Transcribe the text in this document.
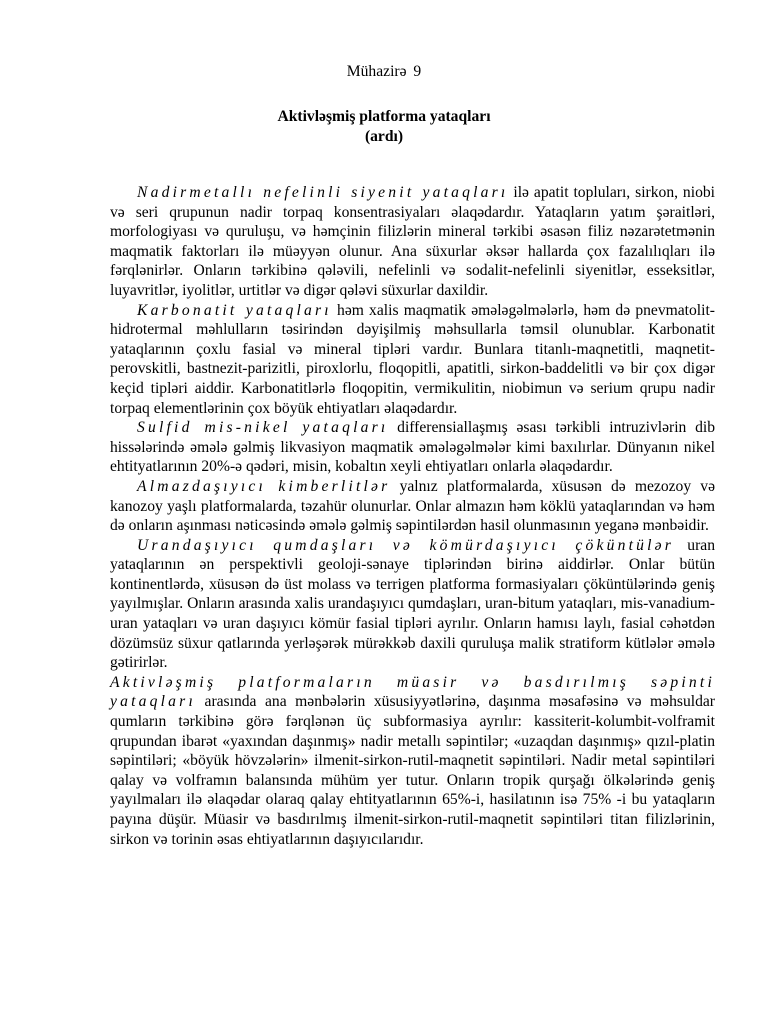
Mühazirə 9
Aktivləşmiş platforma yataqları
(ardı)

Nadirmetallı nefelinli siyenit yataqları ilə apatit topluları, sirkon, niobi və seri qrupunun nadir torpaq konsentrasiyaları əlaqədardır. Yataqların yatım şəraitləri, morfologiyası və quruluşu, və həmçinin filizlərin mineral tərkibi əsasən filiz nəzarətetmənin maqmatik faktorları ilə müəyyən olunur. Ana süxurlar əksər hallarda çox fazalılıqları ilə fərqlənirlər. Onların tərkibinə qələvili, nefelinli və sodalit-nefelinli siyenitlər, esseksitlər, luyavritlər, iyolitlər, urtitlər və digər qələvi süxurlar daxildir.

Karbonatit yataqları həm xalis maqmatik əmələgəlmələrlə, həm də pnevmatolit-hidrotermal məhlulların təsirindən dəyişilmiş məhsullarla təmsil olunublar. Karbonatit yataqlarının çoxlu fasial və mineral tipləri vardır. Bunlara titanlı-maqnetitli, maqnetit-perovskitli, bastnezit-parizitli, piroxlorlu, floqopitli, apatitli, sirkon-baddelitli və bir çox digər keçid tipləri aiddir. Karbonatitlərlə floqopitin, vermikulitin, niobimun və serium qrupu nadir torpaq elementlərinin çox böyük ehtiyatları əlaqədardır.

Sulfid mis-nikel yataqları differensiallaşmış əsası tərkibli intruzivlərin dib hissələrində əmələ gəlmiş likvasiyon maqmatik əmələgəlmələr kimi baxılırlar. Dünyanın nikel ehtityatlarının 20%-ə qədəri, misin, kobaltın xeyli ehtiyatları onlarla əlaqədardır.

Almazdaşıyıcı kimberlitlər yalnız platformalarda, xüsusən də mezozoy və kanozoy yaşlı platformalarda, təzahür olunurlar. Onlar almazın həm köklü yataqlarından və həm də onların aşınması nəticəsində əmələ gəlmiş səpintilərdən hasil olunmasının yeganə mənbəidir.

Urandaşıyıcı qumdaşları və kömürdaşıyıcı çöküntülər uran yataqlarının ən perspektivli geoloji-sənaye tiplərindən birinə aiddirlər. Onlar bütün kontinentlərdə, xüsusən də üst molass və terrigen platforma formasiyaları çöküntülərində geniş yayılmışlar. Onların arasında xalis urandaşıyıcı qumdaşları, uran-bitum yataqları, mis-vanadium-uran yataqları və uran daşıyıcı kömür fasial tipləri ayrılır. Onların hamısı laylı, fasial cəhətdən dözümsüz süxur qatlarında yerləşərək mürəkkəb daxili quruluşa malik stratiform kütlələr əmələ gətirirlər.

Aktivləşmiş platformaların müasir və basdırılmış səpinti yataqları arasında ana mənbələrin xüsusiyyətlərinə, daşınma məsafəsinə və məhsuldar qumların tərkibinə görə fərqlənən üç subformasiya ayrılır: kassiterit-kolumbit-volframit qrupundan ibarət «yaxından daşınmış» nadir metallı səpintilər; «uzaqdan daşınmış» qızıl-platin səpintiləri; «böyük hövzələrin» ilmenit-sirkon-rutil-maqnetit səpintiləri. Nadir metal səpintiləri qalay və volframın balansında mühüm yer tutur. Onların tropik qurşağı ölkələrində geniş yayılmaları ilə əlaqədar olaraq qalay ehtityatlarının 65%-i, hasilatının isə 75% -i bu yataqların payına düşür. Müasir və basdırılmış ilmenit-sirkon-rutil-maqnetit səpintiləri titan filizlərinin, sirkon və torinin əsas ehtiyatlarının daşıyıcılarıdır.
